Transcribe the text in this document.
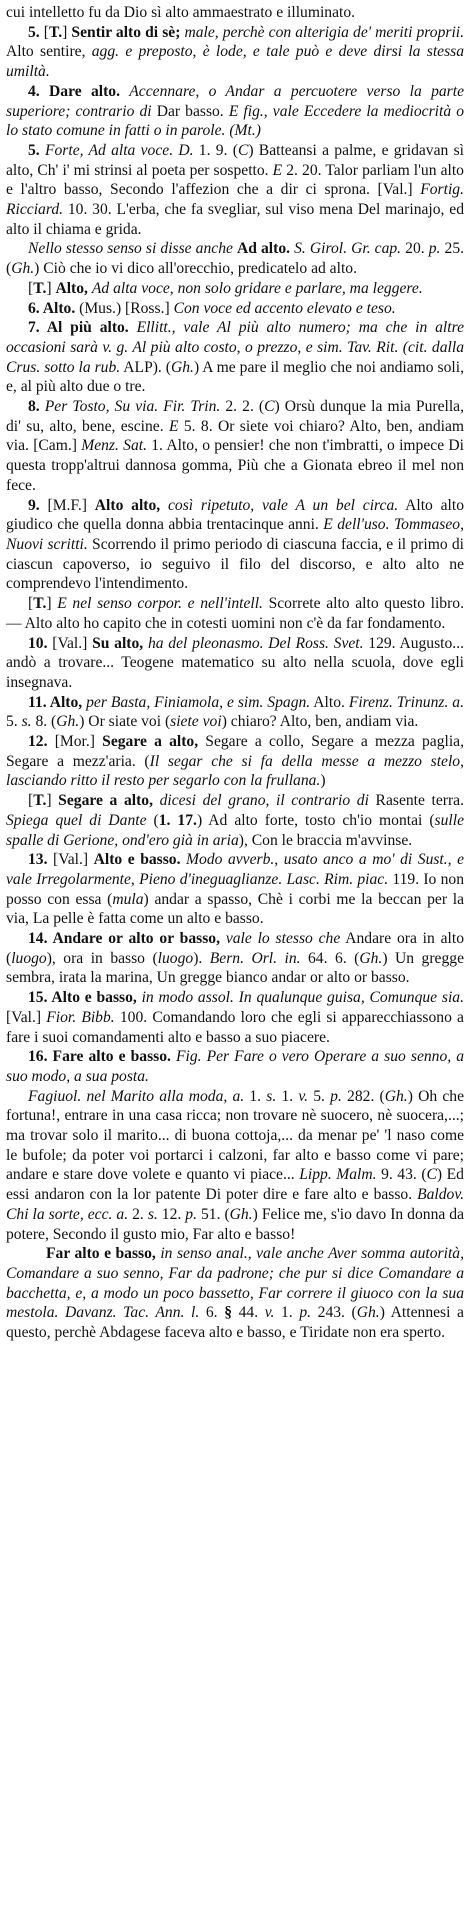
cui intelletto fu da Dio sì alto ammaestrato e illuminato.

5. [T.] Sentir alto di sè; male, perchè con alterigia de' meriti proprii. Alto sentire, agg. e preposto, è lode, e tale può e deve dirsi la stessa umiltà.

4. Dare alto. Accennare, o Andar a percuotere verso la parte superiore; contrario di Dar basso. E fig., vale Eccedere la mediocrità o lo stato comune in fatti o in parole. (Mt.)

5. Forte, Ad alta voce. D. 1. 9. (C) Batteansi a palme, e gridavan sì alto, Ch' i' mi strinsi al poeta per sospetto. E 2. 20. Talor parliam l'un alto e l'altro basso, Secondo l'affezion che a dir ci sprona. [Val.] Fortig. Ricciard. 10. 30. L'erba, che fa svegliar, sul viso mena Del marinajo, ed alto il chiama e grida.

Nello stesso senso si disse anche Ad alto. S. Girol. Gr. cap. 20. p. 25. (Gh.) Ciò che io vi dico all'orecchio, predicatelo ad alto.

[T.] Alto, Ad alta voce, non solo gridare e parlare, ma leggere.

6. Alto. (Mus.) [Ross.] Con voce ed accento elevato e teso.

7. Al più alto. Ellitt., vale Al più alto numero; ma che in altre occasioni sarà v. g. Al più alto costo, o prezzo, e sim. Tav. Rit. (cit. dalla Crus. sotto la rub. ALP). (Gh.) A me pare il meglio che noi andiamo soli, e, al più alto due o tre.

8. Per Tosto, Su via. Fir. Trin. 2. 2. (C) Orsù dunque la mia Purella, di' su, alto, bene, escine. E 5. 8. Or siete voi chiaro? Alto, ben, andiam via. [Cam.] Menz. Sat. 1. Alto, o pensier! che non t'imbratti, o impece Di questa tropp'altrui dannosa gomma, Più che a Gionata ebreo il mel non fece.

9. [M.F.] Alto alto, così ripetuto, vale A un bel circa. Alto alto giudico che quella donna abbia trentacinque anni. E dell'uso. Tommaseo, Nuovi scritti. Scorrendo il primo periodo di ciascuna faccia, e il primo di ciascun capoverso, io seguivo il filo del discorso, e alto alto ne comprendevo l'intendimento.

[T.] E nel senso corpor. e nell'intell. Scorrete alto alto questo libro. — Alto alto ho capito che in cotesti uomini non c'è da far fondamento.

10. [Val.] Su alto, ha del pleonasmo. Del Ross. Svet. 129. Augusto... andò a trovare... Teogene matematico su alto nella scuola, dove egli insegnava.

11. Alto, per Basta, Finiamola, e sim. Spagn. Alto. Firenz. Trinunz. a. 5. s. 8. (Gh.) Or siate voi (siete voi) chiaro? Alto, ben, andiam via.

12. [Mor.] Segare a alto, Segare a collo, Segare a mezza paglia, Segare a mezz'aria. (Il segar che si fa della messe a mezzo stelo, lasciando ritto il resto per segarlo con la frullana.)

[T.] Segare a alto, dicesi del grano, il contrario di Rasente terra. Spiega quel di Dante (1. 17.) Ad alto forte, tosto ch'io montai (sulle spalle di Gerione, ond'ero già in aria), Con le braccia m'avvinse.

13. [Val.] Alto e basso. Modo avverb., usato anco a mo' di Sust., e vale Irregolarmente, Pieno d'ineguaglianze. Lasc. Rim. piac. 119. Io non posso con essa (mula) andar a spasso, Chè i corbi me la beccan per la via, La pelle è fatta come un alto e basso.

14. Andare or alto or basso, vale lo stesso che Andare ora in alto (luogo), ora in basso (luogo). Bern. Orl. in. 64. 6. (Gh.) Un gregge sembra, irata la marina, Un gregge bianco andar or alto or basso.

15. Alto e basso, in modo assol. In qualunque guisa, Comunque sia. [Val.] Fior. Bibb. 100. Comandando loro che egli si apparecchiassono a fare i suoi comandamenti alto e basso a suo piacere.

16. Fare alto e basso. Fig. Per Fare o vero Operare a suo senno, a suo modo, a sua posta.

Fagiuol. nel Marito alla moda, a. 1. s. 1. v. 5. p. 282. (Gh.) Oh che fortuna!, entrare in una casa ricca; non trovare nè suocero, nè suocera,...; ma trovar solo il marito... di buona cottoja,... da menar pe' 'l naso come le bufole; da poter voi portarci i calzoni, far alto e basso come vi pare; andare e stare dove volete e quanto vi piace... Lipp. Malm. 9. 43. (C) Ed essi andaron con la lor patente Di poter dire e fare alto e basso. Baldov. Chi la sorte, ecc. a. 2. s. 12. p. 51. (Gh.) Felice me, s'io davo In donna da potere, Secondo il gusto mio, Far alto e basso!

Far alto e basso, in senso anal., vale anche Aver somma autorità, Comandare a suo senno, Far da padrone; che pur si dice Comandare a bacchetta, e, a modo un poco bassetto, Far correre il giuoco con la sua mestola. Davanz. Tac. Ann. l. 6. § 44. v. 1. p. 243. (Gh.) Attennesi a questo, perchè Abdagese faceva alto e basso, e Tiridate non era sperto.
